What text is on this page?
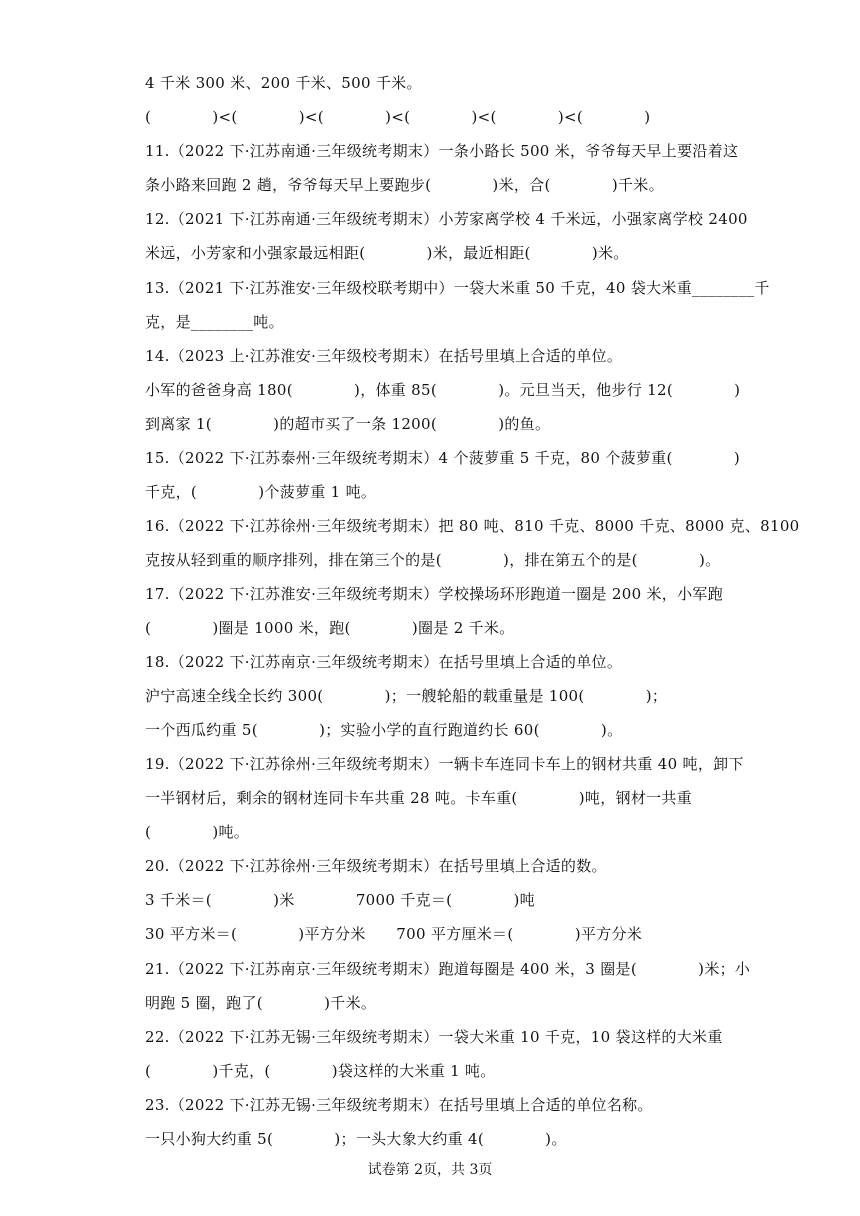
4 千米 300 米、200 千米、500 千米。
(　　　　)<(　　　　)<(　　　　)<(　　　　)<(　　　　)<(　　　　)
11.（2022 下·江苏南通·三年级统考期末）一条小路长 500 米，爷爷每天早上要沿着这
条小路来回跑 2 趟，爷爷每天早上要跑步(　　　　)米，合(　　　　)千米。
12.（2021 下·江苏南通·三年级统考期末）小芳家离学校 4 千米远，小强家离学校 2400
米远，小芳家和小强家最远相距(　　　　)米，最近相距(　　　　)米。
13.（2021 下·江苏淮安·三年级校联考期中）一袋大米重 50 千克，40 袋大米重________千
克，是________吨。
14.（2023 上·江苏淮安·三年级校考期末）在括号里填上合适的单位。
小军的爸爸身高 180(　　　　)，体重 85(　　　　)。元旦当天，他步行 12(　　　　)
到离家 1(　　　　)的超市买了一条 1200(　　　　)的鱼。
15.（2022 下·江苏泰州·三年级统考期末）4 个菠萝重 5 千克，80 个菠萝重(　　　　)
千克，(　　　　)个菠萝重 1 吨。
16.（2022 下·江苏徐州·三年级统考期末）把 80 吨、810 千克、8000 千克、8000 克、8100
克按从轻到重的顺序排列，排在第三个的是(　　　　)，排在第五个的是(　　　　)。
17.（2022 下·江苏淮安·三年级统考期末）学校操场环形跑道一圈是 200 米，小军跑
(　　　　)圈是 1000 米，跑(　　　　)圈是 2 千米。
18.（2022 下·江苏南京·三年级统考期末）在括号里填上合适的单位。
沪宁高速全线全长约 300(　　　　)；一艘轮船的载重量是 100(　　　　)；
一个西瓜约重 5(　　　　)；实验小学的直行跑道约长 60(　　　　)。
19.（2022 下·江苏徐州·三年级统考期末）一辆卡车连同卡车上的钢材共重 40 吨，卸下
一半钢材后，剩余的钢材连同卡车共重 28 吨。卡车重(　　　　)吨，钢材一共重
(　　　　)吨。
20.（2022 下·江苏徐州·三年级统考期末）在括号里填上合适的数。
3 千米＝(　　　　)米　　　　7000 千克＝(　　　　)吨
30 平方米＝(　　　　)平方分米　　700 平方厘米＝(　　　　)平方分米
21.（2022 下·江苏南京·三年级统考期末）跑道每圈是 400 米，3 圈是(　　　　)米；小
明跑 5 圈，跑了(　　　　)千米。
22.（2022 下·江苏无锡·三年级统考期末）一袋大米重 10 千克，10 袋这样的大米重
(　　　　)千克，(　　　　)袋这样的大米重 1 吨。
23.（2022 下·江苏无锡·三年级统考期末）在括号里填上合适的单位名称。
一只小狗大约重 5(　　　　)；一头大象大约重 4(　　　　)。
试卷第 2页，共 3页
